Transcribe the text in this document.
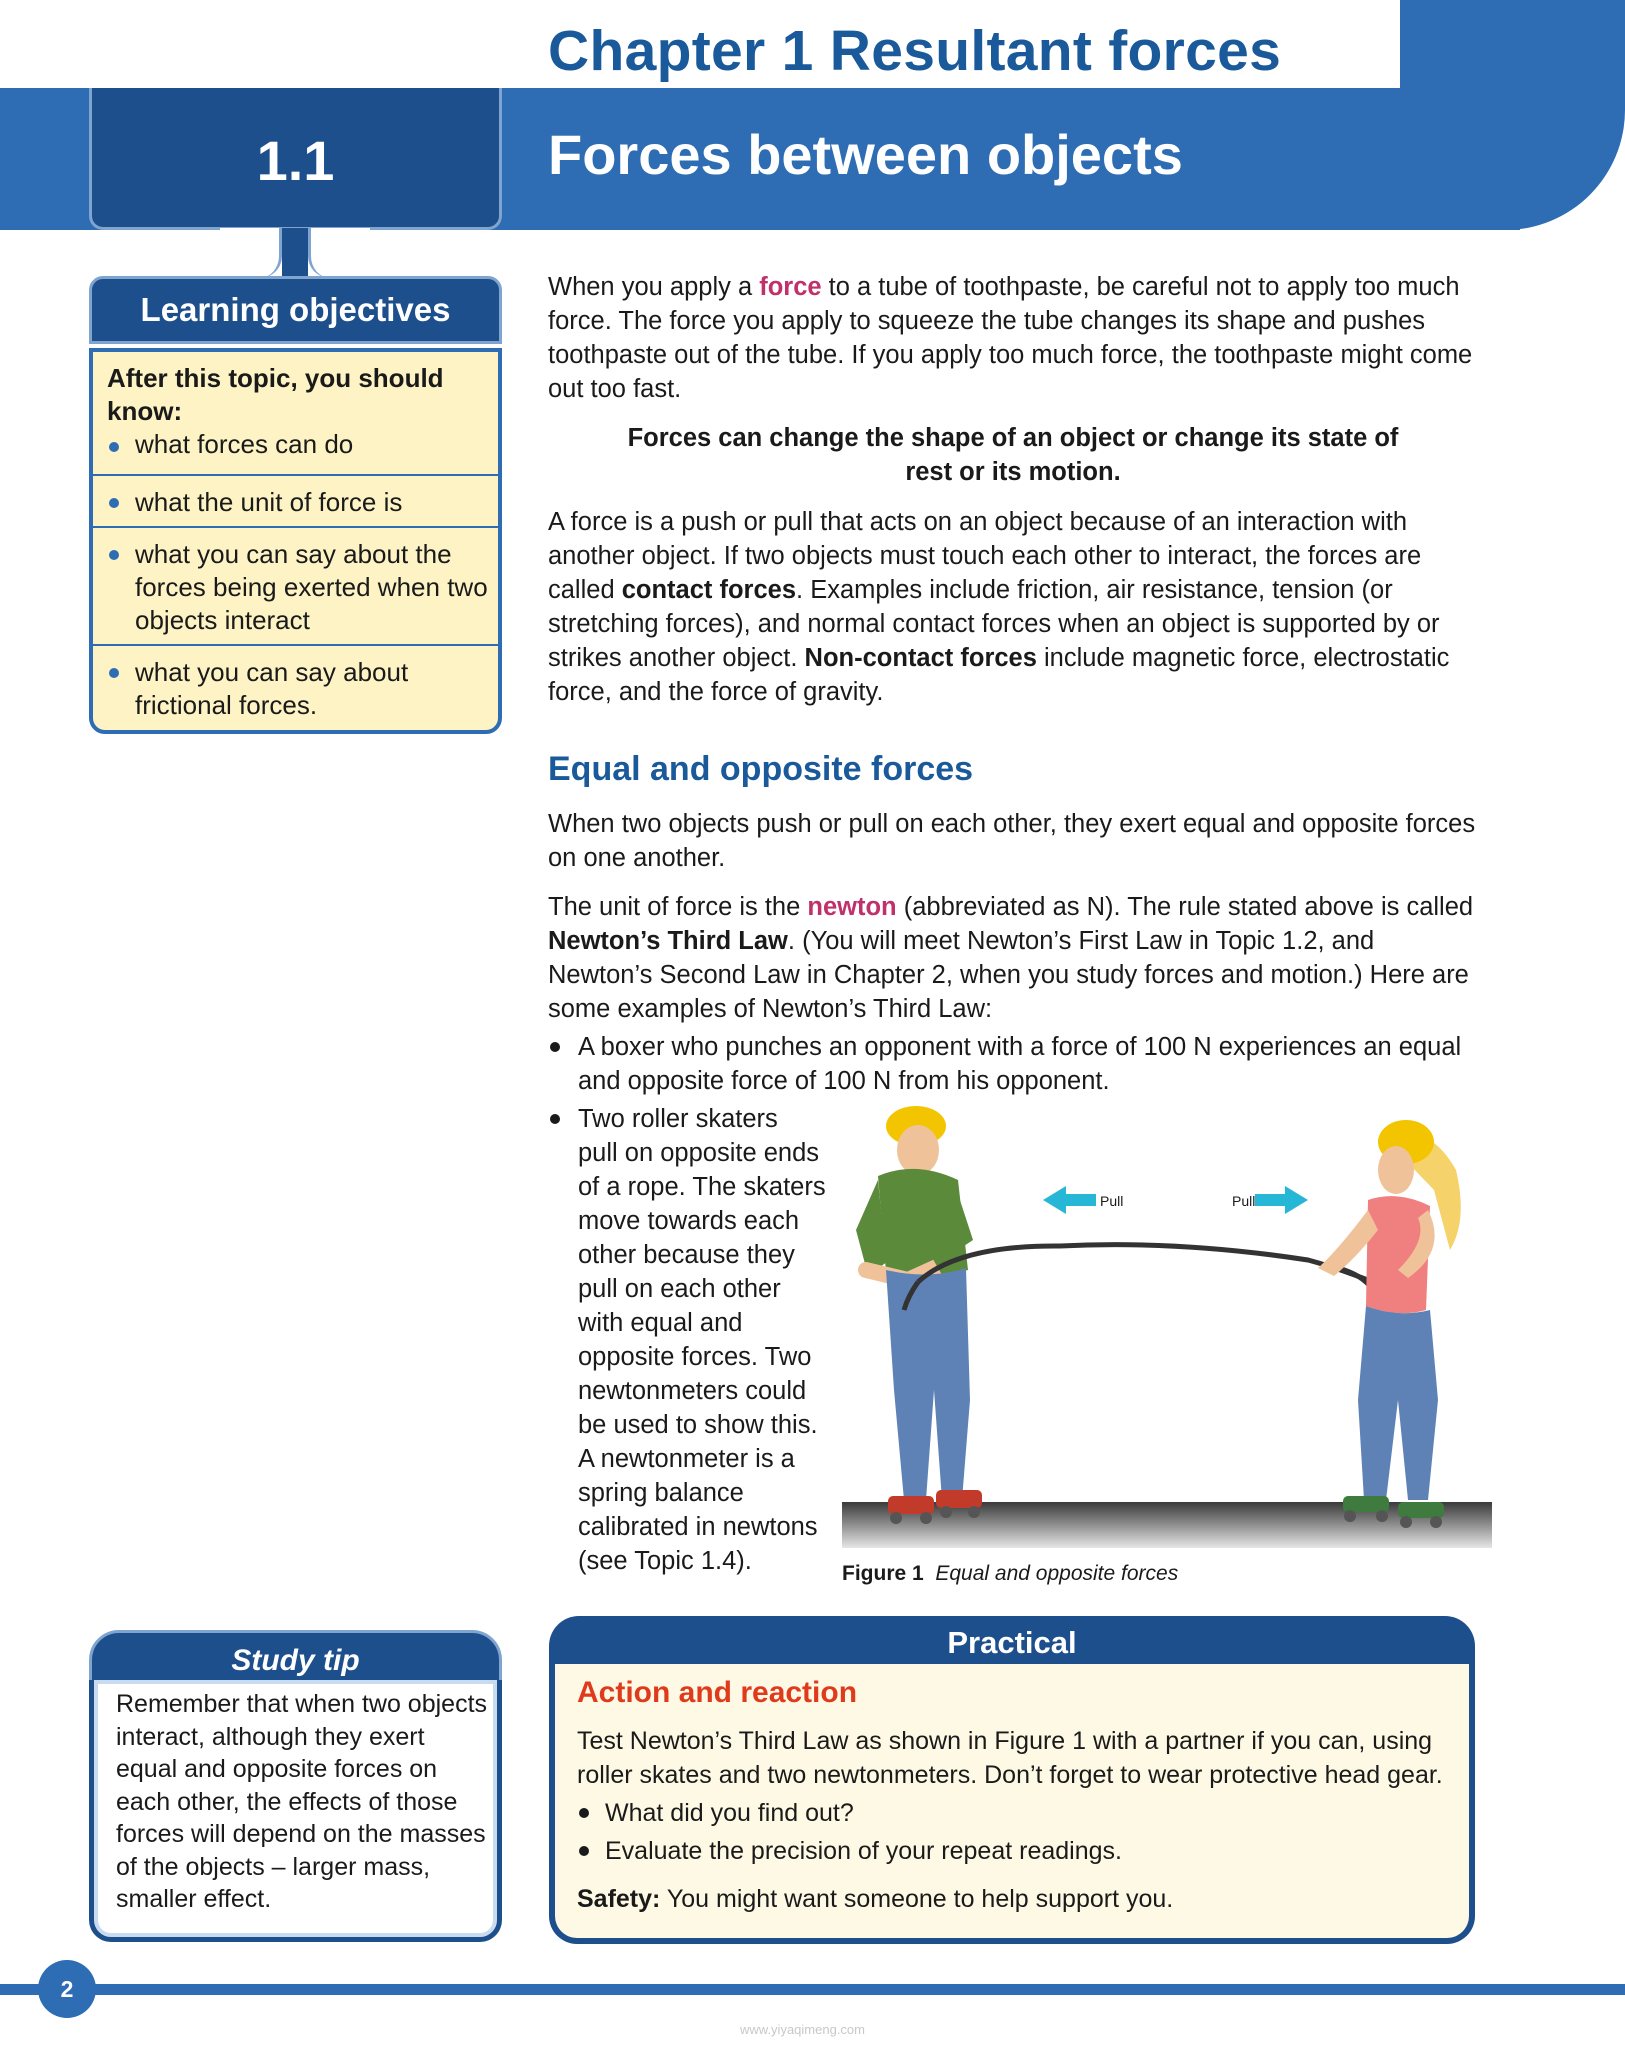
Chapter 1 Resultant forces
Forces between objects
1.1
Learning objectives
After this topic, you should know:
what forces can do
what the unit of force is
what you can say about the forces being exerted when two objects interact
what you can say about frictional forces.
When you apply a force to a tube of toothpaste, be careful not to apply too much force. The force you apply to squeeze the tube changes its shape and pushes toothpaste out of the tube. If you apply too much force, the toothpaste might come out too fast.
Forces can change the shape of an object or change its state of rest or its motion.
A force is a push or pull that acts on an object because of an interaction with another object. If two objects must touch each other to interact, the forces are called contact forces. Examples include friction, air resistance, tension (or stretching forces), and normal contact forces when an object is supported by or strikes another object. Non-contact forces include magnetic force, electrostatic force, and the force of gravity.
Equal and opposite forces
When two objects push or pull on each other, they exert equal and opposite forces on one another.
The unit of force is the newton (abbreviated as N). The rule stated above is called Newton’s Third Law. (You will meet Newton’s First Law in Topic 1.2, and Newton’s Second Law in Chapter 2, when you study forces and motion.) Here are some examples of Newton’s Third Law:
A boxer who punches an opponent with a force of 100 N experiences an equal and opposite force of 100 N from his opponent.
Two roller skaters
pull on opposite ends
of a rope. The skaters
move towards each
other because they
pull on each other
with equal and
opposite forces. Two
newtonmeters could
be used to show this.
A newtonmeter is a
spring balance
calibrated in newtons
(see Topic 1.4).
Pull	Pull
Figure 1 Equal and opposite forces
Study tip
Remember that when two objects interact, although they exert equal and opposite forces on each other, the effects of those forces will depend on the masses of the objects – larger mass, smaller effect.
Practical
Action and reaction
Test Newton’s Third Law as shown in Figure 1 with a partner if you can, using roller skates and two newtonmeters. Don’t forget to wear protective head gear.
What did you find out?
Evaluate the precision of your repeat readings.
Safety: You might want someone to help support you.
2
www.yiyaqimeng.com
